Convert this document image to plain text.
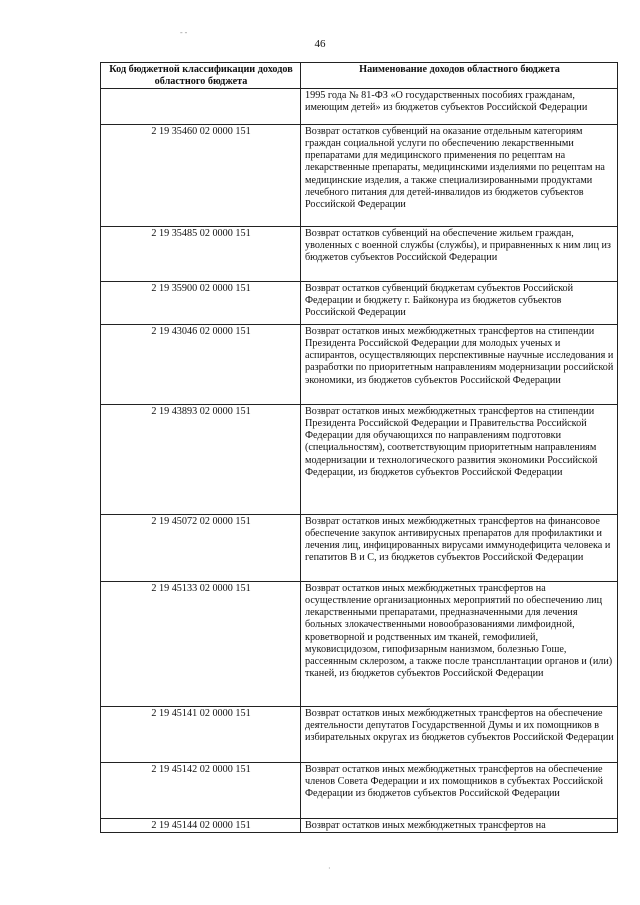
‐ ‐
46
Код бюджетной классификации доходов областного бюджета	Наименование доходов областного бюджета
	1995 года № 81-ФЗ «О государственных пособиях гражданам, имеющим детей» из бюджетов субъектов Российской Федерации
2 19 35460 02 0000 151	Возврат остатков субвенций на оказание отдельным категориям граждан социальной услуги по обеспечению лекарственными препаратами для медицинского применения по рецептам на лекарственные препараты, медицинскими изделиями по рецептам на медицинские изделия, а также специализированными продуктами лечебного питания для детей-инвалидов из бюджетов субъектов Российской Федерации
2 19 35485 02 0000 151	Возврат остатков субвенций на обеспечение жильем граждан, уволенных с военной службы (службы), и приравненных к ним лиц из бюджетов субъектов Российской Федерации
2 19 35900 02 0000 151	Возврат остатков субвенций бюджетам субъектов Российской Федерации и бюджету г. Байконура из бюджетов субъектов Российской Федерации
2 19 43046 02 0000 151	Возврат остатков иных межбюджетных трансфертов на стипендии Президента Российской Федерации для молодых ученых и аспирантов, осуществляющих перспективные научные исследования и разработки по приоритетным направлениям модернизации российской экономики, из бюджетов субъектов Российской Федерации
2 19 43893 02 0000 151	Возврат остатков иных межбюджетных трансфертов на стипендии Президента Российской Федерации и Правительства Российской Федерации для обучающихся по направлениям подготовки (специальностям), соответствующим приоритетным направлениям модернизации и технологического развития экономики Российской Федерации, из бюджетов субъектов Российской Федерации
2 19 45072 02 0000 151	Возврат остатков иных межбюджетных трансфертов на финансовое обеспечение закупок антивирусных препаратов для профилактики и лечения лиц, инфицированных вирусами иммунодефицита человека и гепатитов В и С, из бюджетов субъектов Российской Федерации
2 19 45133 02 0000 151	Возврат остатков иных межбюджетных трансфертов на осуществление организационных мероприятий по обеспечению лиц лекарственными препаратами, предназначенными для лечения больных злокачественными новообразованиями лимфоидной, кроветворной и родственных им тканей, гемофилией, муковисцидозом, гипофизарным нанизмом, болезнью Гоше, рассеянным склерозом, а также после трансплантации органов и (или) тканей, из бюджетов субъектов Российской Федерации
2 19 45141 02 0000 151	Возврат остатков иных межбюджетных трансфертов на обеспечение деятельности депутатов Государственной Думы и их помощников в избирательных округах из бюджетов субъектов Российской Федерации
2 19 45142 02 0000 151	Возврат остатков иных межбюджетных трансфертов на обеспечение членов Совета Федерации и их помощников в субъектах Российской Федерации из бюджетов субъектов Российской Федерации
2 19 45144 02 0000 151	Возврат остатков иных межбюджетных трансфертов на
·
